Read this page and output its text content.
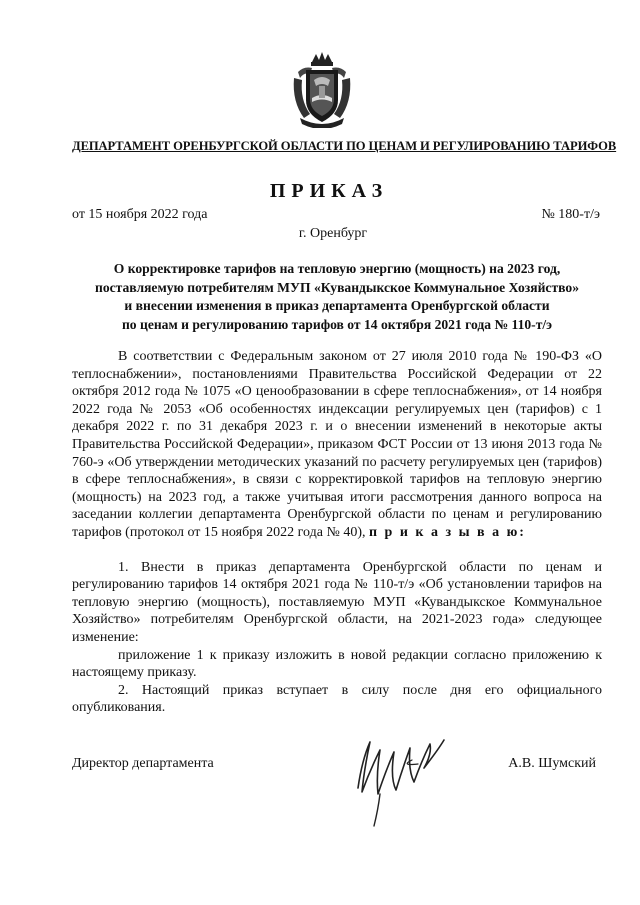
ДЕПАРТАМЕНТ ОРЕНБУРГСКОЙ ОБЛАСТИ ПО ЦЕНАМ И РЕГУЛИРОВАНИЮ ТАРИФОВ
ПРИКАЗ
от 15 ноября 2022 года	№ 180-т/э
г. Оренбург
О корректировке тарифов на тепловую энергию (мощность) на 2023 год,
поставляемую потребителям МУП «Кувандыкское Коммунальное Хозяйство»
и внесении изменения в приказ департамента Оренбургской области
по ценам и регулированию тарифов от 14 октября 2021 года № 110-т/э

В соответствии с Федеральным законом от 27 июля 2010 года № 190-ФЗ «О теплоснабжении», постановлениями Правительства Российской Федерации от 22 октября 2012 года № 1075 «О ценообразовании в сфере теплоснабжения», от 14 ноября 2022 года № 2053 «Об особенностях индексации регулируемых цен (тарифов) с 1 декабря 2022 г. по 31 декабря 2023 г. и о внесении изменений в некоторые акты Правительства Российской Федерации», приказом ФСТ России от 13 июня 2013 года № 760-э «Об утверждении методических указаний по расчету регулируемых цен (тарифов) в сфере теплоснабжения», в связи с корректировкой тарифов на тепловую энергию (мощность) на 2023 год, а также учитывая итоги рассмотрения данного вопроса на заседании коллегии департамента Оренбургской области по ценам и регулированию тарифов (протокол от 15 ноября 2022 года № 40), п р и к а з ы в а ю:

1. Внести в приказ департамента Оренбургской области по ценам и регулированию тарифов 14 октября 2021 года № 110-т/э «Об установлении тарифов на тепловую энергию (мощность), поставляемую МУП «Кувандыкское Коммунальное Хозяйство» потребителям Оренбургской области, на 2021-2023 года» следующее изменение:

приложение 1 к приказу изложить в новой редакции согласно приложению к настоящему приказу.

2. Настоящий приказ вступает в силу после дня его официального опубликования.

Директор департамента	А.В. Шумский
